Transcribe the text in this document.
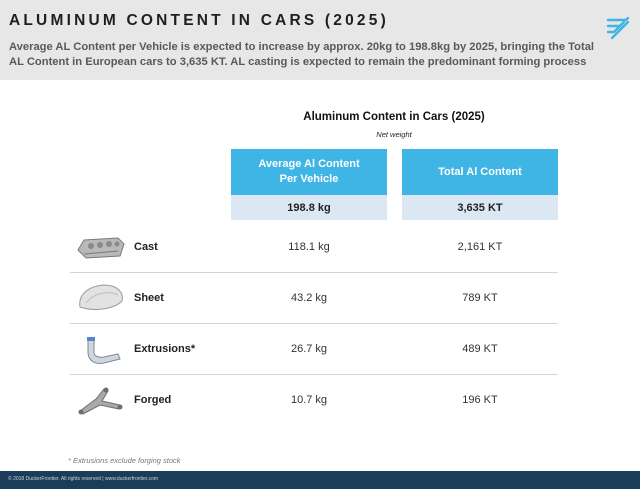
ALUMINUM CONTENT IN CARS (2025)
Average AL Content per Vehicle is expected to increase by approx. 20kg to 198.8kg by 2025, bringing the Total AL Content in European cars to 3,635 KT. AL casting is expected to remain the predominant forming process
Aluminum Content in Cars (2025)
Net weight
Average Al Content Per Vehicle
Total Al Content
198.8 kg	3,635 KT
Cast	118.1 kg	2,161 KT
Sheet	43.2 kg	789 KT
Extrusions*	26.7 kg	489 KT
Forged	10.7 kg	196 KT
* Extrusions exclude forging stock
© 2018 DuckerFrontier. All rights reserved | www.duckerfrontier.com
